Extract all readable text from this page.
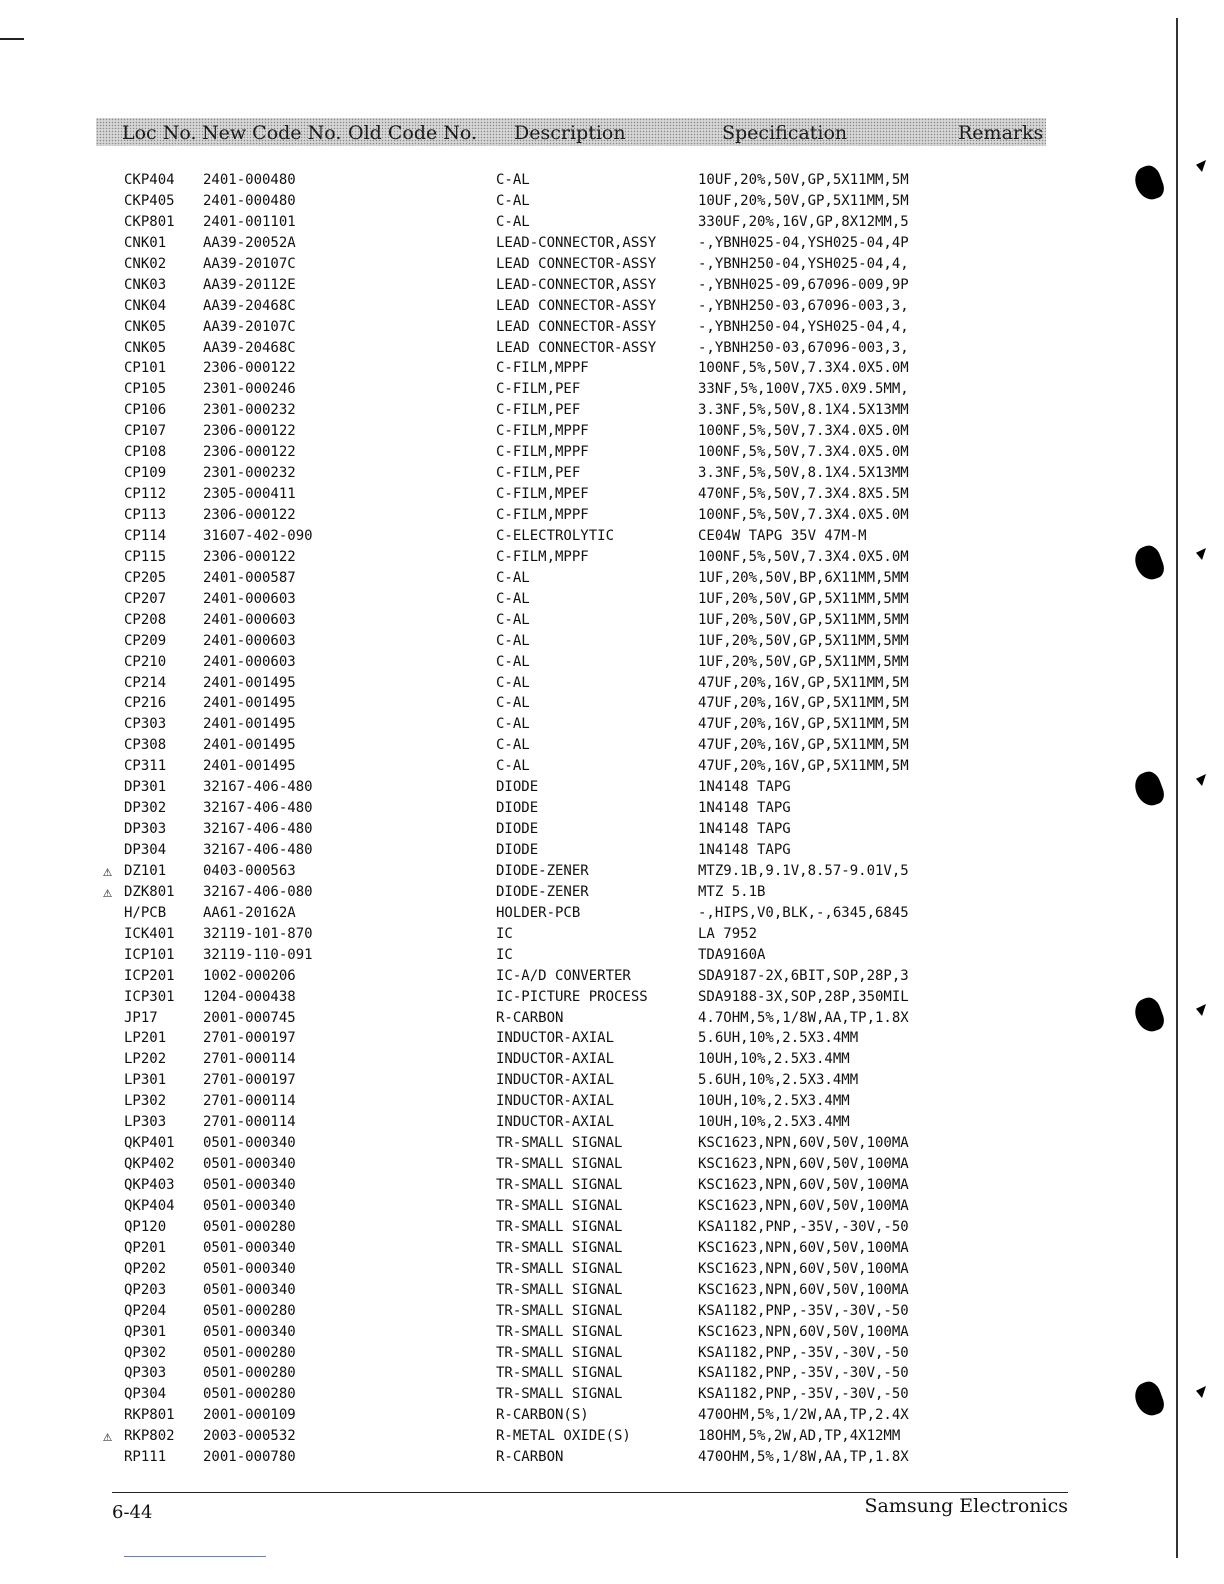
Loc No. New Code No. Old Code No. Description	Specification	Remarks
CKP404 2401-000480	C-AL	10UF,20%,50V,GP,5X11MM,5M
CKP405 2401-000480	C-AL	10UF,20%,50V,GP,5X11MM,5M
CKP801 2401-001101	C-AL	330UF,20%,16V,GP,8X12MM,5
CNK01	AA39-20052A	LEAD-CONNECTOR,ASSY	-,YBNH025-04,YSH025-04,4P
CNK02	AA39-20107C	LEAD CONNECTOR-ASSY	-,YBNH250-04,YSH025-04,4,
CNK03	AA39-20112E	LEAD-CONNECTOR,ASSY	-,YBNH025-09,67096-009,9P
CNK04	AA39-20468C	LEAD CONNECTOR-ASSY	-,YBNH250-03,67096-003,3,
CNK05	AA39-20107C	LEAD CONNECTOR-ASSY	-,YBNH250-04,YSH025-04,4,
CNK05	AA39-20468C	LEAD CONNECTOR-ASSY	-,YBNH250-03,67096-003,3,
CP101	2306-000122	C-FILM,MPPF	100NF,5%,50V,7.3X4.0X5.0M
CP105	2301-000246	C-FILM,PEF	33NF,5%,100V,7X5.0X9.5MM,
CP106	2301-000232	C-FILM,PEF	3.3NF,5%,50V,8.1X4.5X13MM
CP107	2306-000122	C-FILM,MPPF	100NF,5%,50V,7.3X4.0X5.0M
CP108	2306-000122	C-FILM,MPPF	100NF,5%,50V,7.3X4.0X5.0M
CP109	2301-000232	C-FILM,PEF	3.3NF,5%,50V,8.1X4.5X13MM
CP112	2305-000411	C-FILM,MPEF	470NF,5%,50V,7.3X4.8X5.5M
CP113	2306-000122	C-FILM,MPPF	100NF,5%,50V,7.3X4.0X5.0M
CP114	31607-402-090	C-ELECTROLYTIC	CE04W TAPG 35V 47M-M
CP115	2306-000122	C-FILM,MPPF	100NF,5%,50V,7.3X4.0X5.0M
CP205	2401-000587	C-AL	1UF,20%,50V,BP,6X11MM,5MM
CP207	2401-000603	C-AL	1UF,20%,50V,GP,5X11MM,5MM
CP208	2401-000603	C-AL	1UF,20%,50V,GP,5X11MM,5MM
CP209	2401-000603	C-AL	1UF,20%,50V,GP,5X11MM,5MM
CP210	2401-000603	C-AL	1UF,20%,50V,GP,5X11MM,5MM
CP214	2401-001495	C-AL	47UF,20%,16V,GP,5X11MM,5M
CP216	2401-001495	C-AL	47UF,20%,16V,GP,5X11MM,5M
CP303	2401-001495	C-AL	47UF,20%,16V,GP,5X11MM,5M
CP308	2401-001495	C-AL	47UF,20%,16V,GP,5X11MM,5M
CP311	2401-001495	C-AL	47UF,20%,16V,GP,5X11MM,5M
DP301	32167-406-480	DIODE	1N4148 TAPG
DP302	32167-406-480	DIODE	1N4148 TAPG
DP303	32167-406-480	DIODE	1N4148 TAPG
DP304	32167-406-480	DIODE	1N4148 TAPG
⚠ DZ101	0403-000563	DIODE-ZENER	MTZ9.1B,9.1V,8.57-9.01V,5
⚠ DZK801 32167-406-080	DIODE-ZENER	MTZ 5.1B
H/PCB	AA61-20162A	HOLDER-PCB	-,HIPS,V0,BLK,-,6345,6845
ICK401 32119-101-870	IC	LA 7952
ICP101 32119-110-091	IC	TDA9160A
ICP201 1002-000206	IC-A/D CONVERTER	SDA9187-2X,6BIT,SOP,28P,3
ICP301 1204-000438	IC-PICTURE PROCESS	SDA9188-3X,SOP,28P,350MIL
JP17	2001-000745	R-CARBON	4.7OHM,5%,1/8W,AA,TP,1.8X
LP201	2701-000197	INDUCTOR-AXIAL	5.6UH,10%,2.5X3.4MM
LP202	2701-000114	INDUCTOR-AXIAL	10UH,10%,2.5X3.4MM
LP301	2701-000197	INDUCTOR-AXIAL	5.6UH,10%,2.5X3.4MM
LP302	2701-000114	INDUCTOR-AXIAL	10UH,10%,2.5X3.4MM
LP303	2701-000114	INDUCTOR-AXIAL	10UH,10%,2.5X3.4MM
QKP401 0501-000340	TR-SMALL SIGNAL	KSC1623,NPN,60V,50V,100MA
QKP402 0501-000340	TR-SMALL SIGNAL	KSC1623,NPN,60V,50V,100MA
QKP403 0501-000340	TR-SMALL SIGNAL	KSC1623,NPN,60V,50V,100MA
QKP404 0501-000340	TR-SMALL SIGNAL	KSC1623,NPN,60V,50V,100MA
QP120	0501-000280	TR-SMALL SIGNAL	KSA1182,PNP,-35V,-30V,-50
QP201	0501-000340	TR-SMALL SIGNAL	KSC1623,NPN,60V,50V,100MA
QP202	0501-000340	TR-SMALL SIGNAL	KSC1623,NPN,60V,50V,100MA
QP203	0501-000340	TR-SMALL SIGNAL	KSC1623,NPN,60V,50V,100MA
QP204	0501-000280	TR-SMALL SIGNAL	KSA1182,PNP,-35V,-30V,-50
QP301	0501-000340	TR-SMALL SIGNAL	KSC1623,NPN,60V,50V,100MA
QP302	0501-000280	TR-SMALL SIGNAL	KSA1182,PNP,-35V,-30V,-50
QP303	0501-000280	TR-SMALL SIGNAL	KSA1182,PNP,-35V,-30V,-50
QP304	0501-000280	TR-SMALL SIGNAL	KSA1182,PNP,-35V,-30V,-50
RKP801 2001-000109	R-CARBON(S)	470OHM,5%,1/2W,AA,TP,2.4X
⚠ RKP802 2003-000532	R-METAL OXIDE(S)	18OHM,5%,2W,AD,TP,4X12MM
RP111	2001-000780	R-CARBON	470OHM,5%,1/8W,AA,TP,1.8X
6-44	Samsung Electronics
